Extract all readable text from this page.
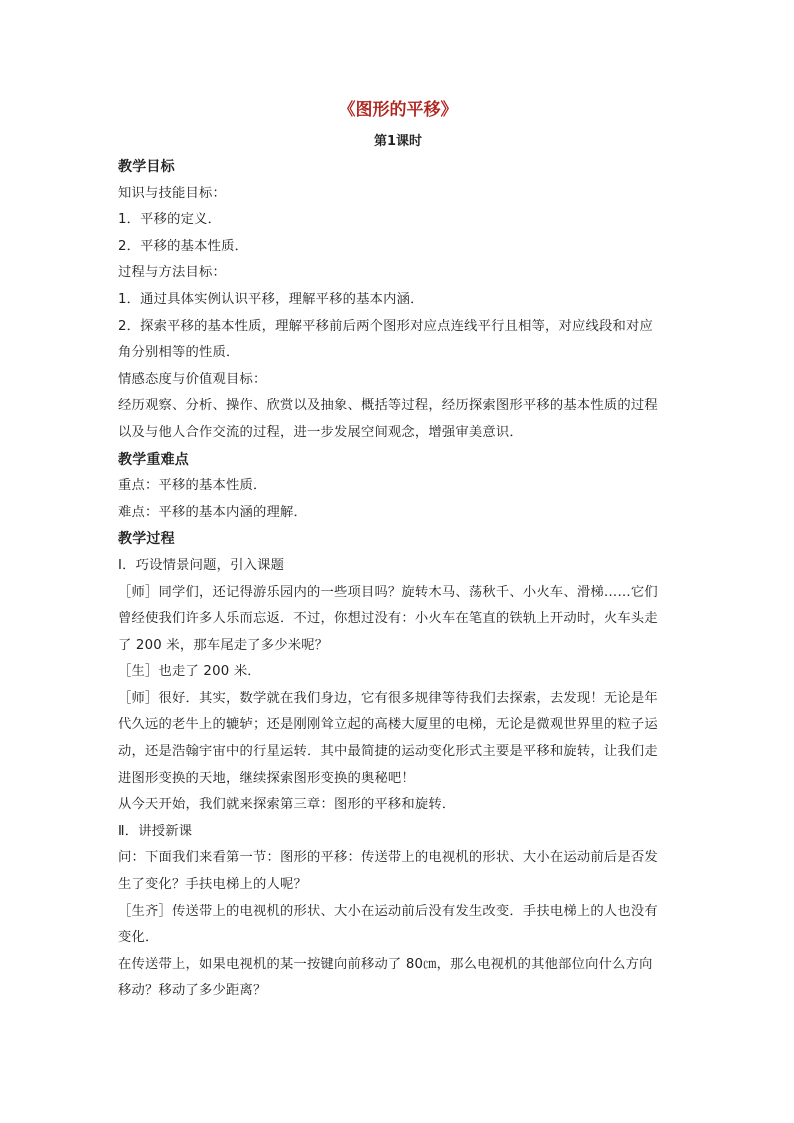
《图形的平移》
第1课时
教学目标
知识与技能目标：
1．平移的定义．
2．平移的基本性质．
过程与方法目标：
1．通过具体实例认识平移，理解平移的基本内涵．
2．探索平移的基本性质，理解平移前后两个图形对应点连线平行且相等，对应线段和对应
角分别相等的性质．
情感态度与价值观目标：
经历观察、分析、操作、欣赏以及抽象、概括等过程，经历探索图形平移的基本性质的过程
以及与他人合作交流的过程，进一步发展空间观念，增强审美意识．
教学重难点
重点：平移的基本性质．
难点：平移的基本内涵的理解．
教学过程
Ⅰ．巧设情景问题，引入课题
［师］同学们，还记得游乐园内的一些项目吗？旋转木马、荡秋千、小火车、滑梯……它们
曾经使我们许多人乐而忘返．不过，你想过没有：小火车在笔直的铁轨上开动时，火车头走
了 200 米，那车尾走了多少米呢？
［生］也走了 200 米．
［师］很好．其实，数学就在我们身边，它有很多规律等待我们去探索，去发现！无论是年
代久远的老牛上的辘轳；还是刚刚耸立起的高楼大厦里的电梯，无论是微观世界里的粒子运
动，还是浩翰宇宙中的行星运转．其中最简捷的运动变化形式主要是平移和旋转，让我们走
进图形变换的天地，继续探索图形变换的奥秘吧！
从今天开始，我们就来探索第三章：图形的平移和旋转．
Ⅱ．讲授新课
问：下面我们来看第一节：图形的平移：传送带上的电视机的形状、大小在运动前后是否发
生了变化？手扶电梯上的人呢？
［生齐］传送带上的电视机的形状、大小在运动前后没有发生改变．手扶电梯上的人也没有
变化．
在传送带上，如果电视机的某一按键向前移动了 80㎝，那么电视机的其他部位向什么方向
移动？移动了多少距离？
